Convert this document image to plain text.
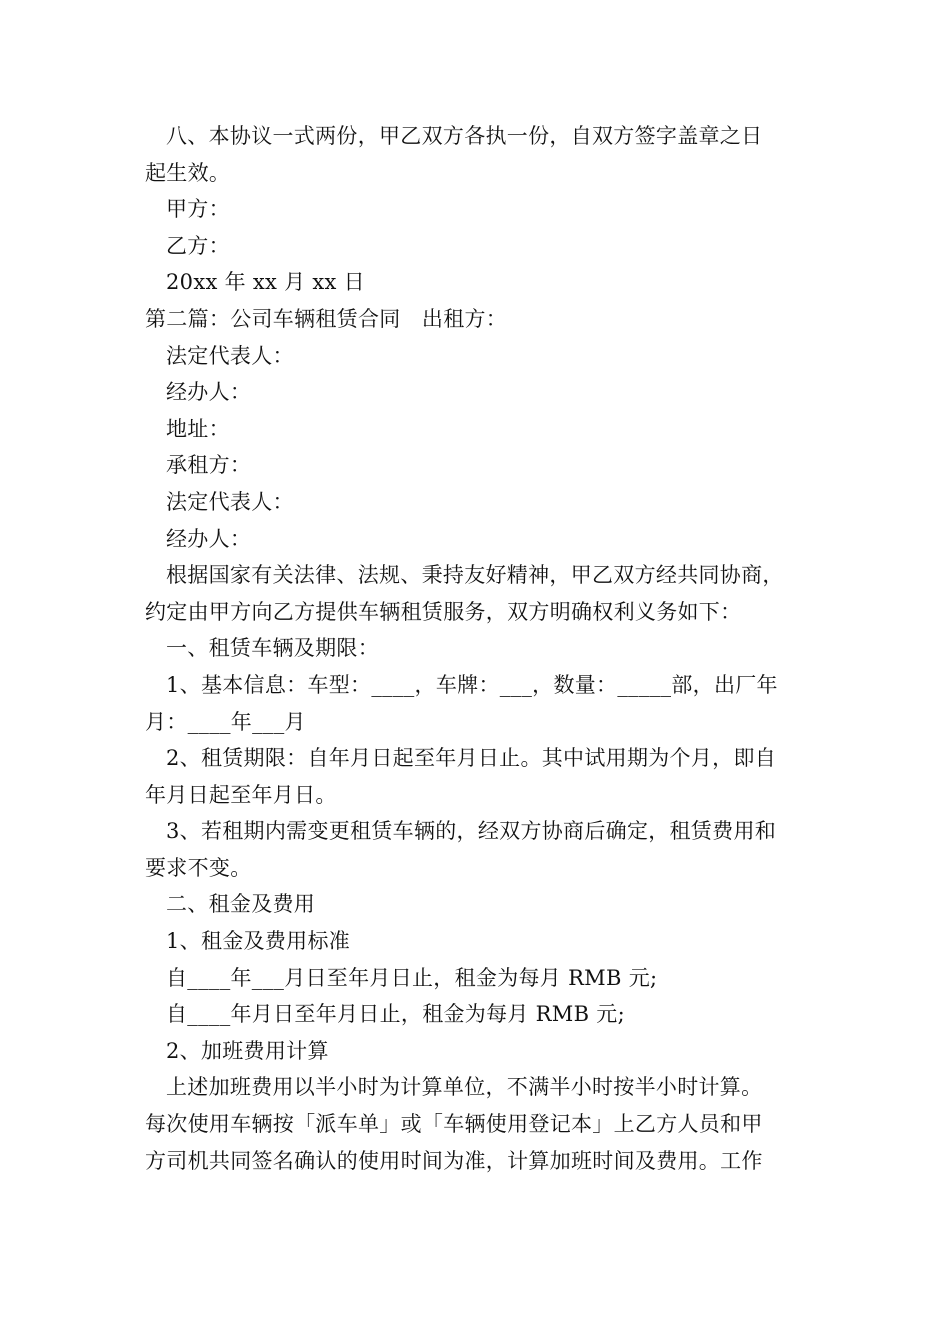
八、本协议一式两份，甲乙双方各执一份，自双方签字盖章之日
起生效。
甲方：
乙方：
20xx 年 xx 月 xx 日
第二篇：公司车辆租赁合同　出租方：
法定代表人：
经办人：
地址：
承租方：
法定代表人：
经办人：
根据国家有关法律、法规、秉持友好精神，甲乙双方经共同协商，
约定由甲方向乙方提供车辆租赁服务，双方明确权利义务如下：
一、租赁车辆及期限：
1、基本信息：车型：____，车牌：___，数量：_____部，出厂年
月：____年___月
2、租赁期限：自年月日起至年月日止。其中试用期为个月，即自
年月日起至年月日。
3、若租期内需变更租赁车辆的，经双方协商后确定，租赁费用和
要求不变。
二、租金及费用
1、租金及费用标准
自____年___月日至年月日止，租金为每月 RMB 元;
自____年月日至年月日止，租金为每月 RMB 元;
2、加班费用计算
上述加班费用以半小时为计算单位，不满半小时按半小时计算。
每次使用车辆按「派车单」或「车辆使用登记本」上乙方人员和甲
方司机共同签名确认的使用时间为准，计算加班时间及费用。工作
